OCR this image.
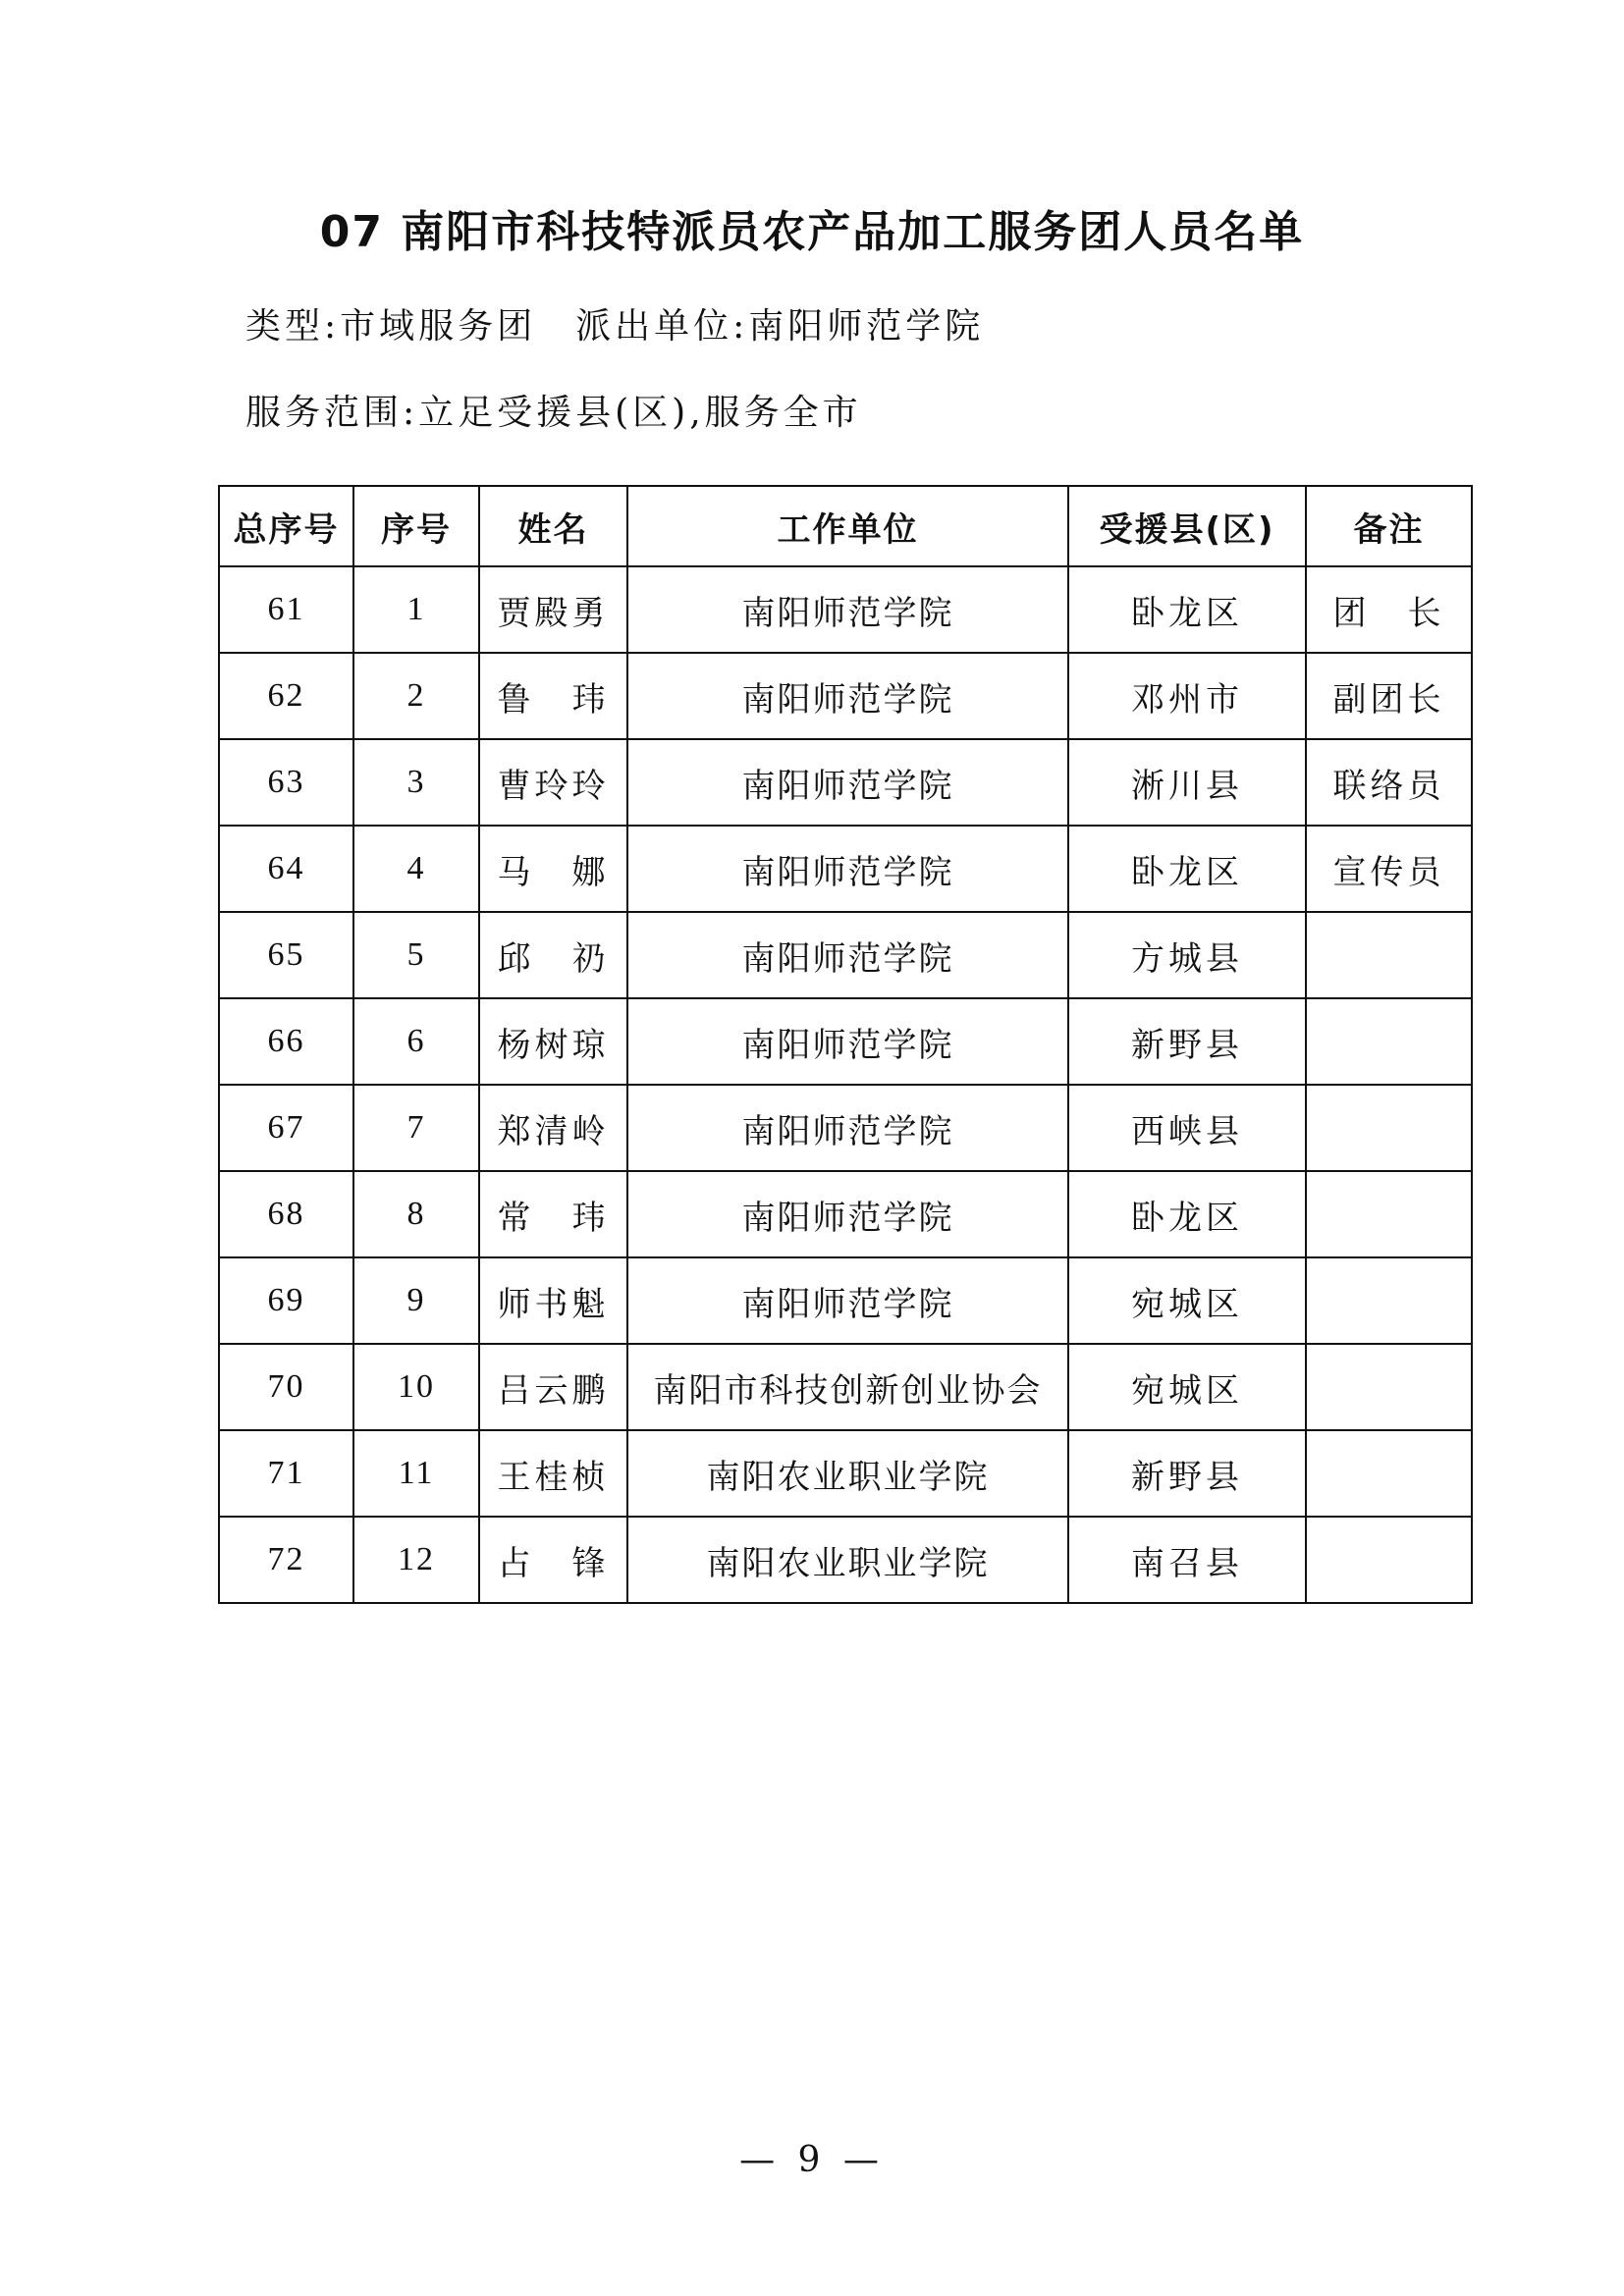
07 南阳市科技特派员农产品加工服务团人员名单
类型:市域服务团 派出单位:南阳师范学院
服务范围:立足受援县(区),服务全市
总序号	序号	姓名	工作单位	受援县(区)	备注
61	1	贾殿勇	南阳师范学院	卧龙区	团　长
62	2	鲁　玮	南阳师范学院	邓州市	副团长
63	3	曹玲玲	南阳师范学院	淅川县	联络员
64	4	马　娜	南阳师范学院	卧龙区	宣传员
65	5	邱　礽	南阳师范学院	方城县	
66	6	杨树琼	南阳师范学院	新野县	
67	7	郑清岭	南阳师范学院	西峡县	
68	8	常　玮	南阳师范学院	卧龙区	
69	9	师书魁	南阳师范学院	宛城区	
70	10	吕云鹏	南阳市科技创新创业协会	宛城区	
71	11	王桂桢	南阳农业职业学院	新野县	
72	12	占　锋	南阳农业职业学院	南召县	
— 9 —
